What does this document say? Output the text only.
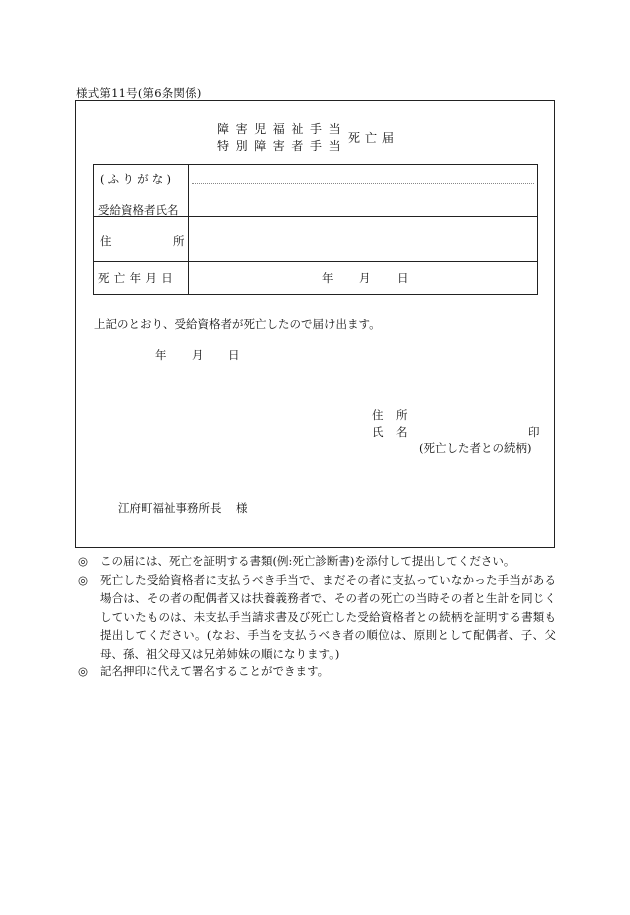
様式第11号(第6条関係)
障害児福祉手当
特別障害者手当
死亡届
(ふりがな)
受給資格者氏名
住	所
死亡年月日	年 月 日
上記のとおり、受給資格者が死亡したので届け出ます。
年 月 日
住 所
氏 名	印
(死亡した者との続柄)
江府町福祉事務所長 様
◎	この届には、死亡を証明する書類(例:死亡診断書)を添付して提出してください。
◎	死亡した受給資格者に支払うべき手当で、まだその者に支払っていなかった手当がある場合は、その者の配偶者又は扶養義務者で、その者の死亡の当時その者と生計を同じくしていたものは、未支払手当請求書及び死亡した受給資格者との続柄を証明する書類も提出してください。(なお、手当を支払うべき者の順位は、原則として配偶者、子、父母、孫、祖父母又は兄弟姉妹の順になります。)
◎	記名押印に代えて署名することができます。
